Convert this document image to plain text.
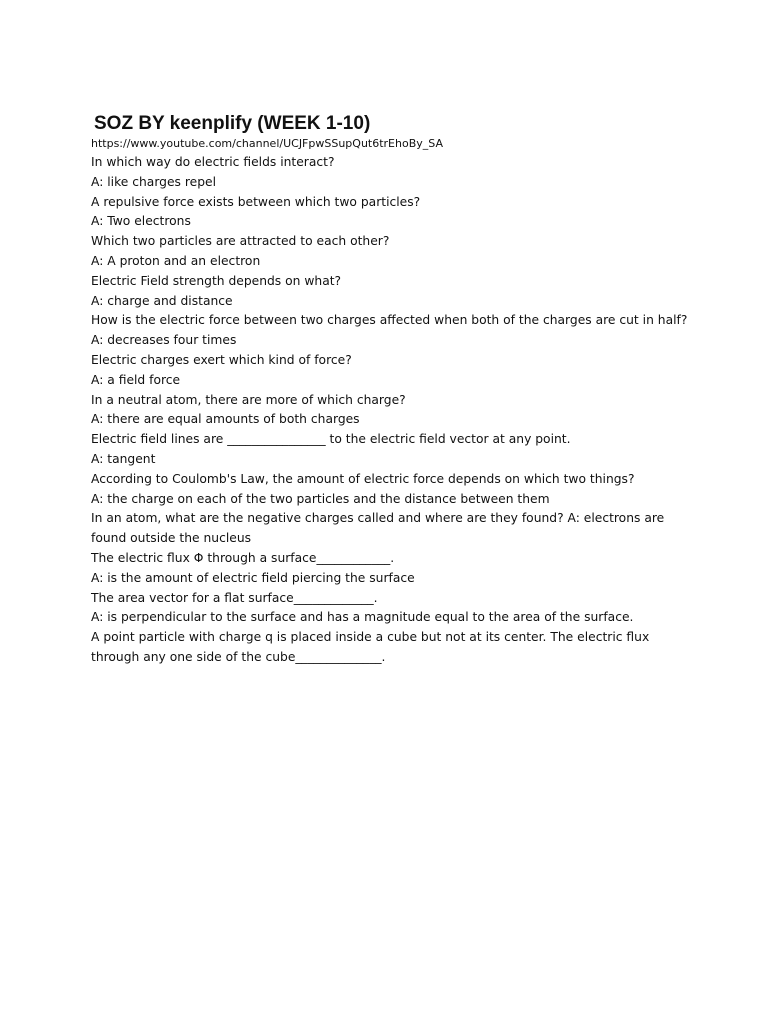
SOZ BY keenplify (WEEK 1-10)
https://www.youtube.com/channel/UCJFpwSSupQut6trEhoBy_SA
In which way do electric fields interact?
A: like charges repel
A repulsive force exists between which two particles?
A: Two electrons
Which two particles are attracted to each other?
A: A proton and an electron
Electric Field strength depends on what?
A: charge and distance
How is the electric force between two charges affected when both of the charges are cut in half?
A: decreases four times
Electric charges exert which kind of force?
A: a field force
In a neutral atom, there are more of which charge?
A: there are equal amounts of both charges
Electric field lines are ________________ to the electric field vector at any point.
A: tangent
According to Coulomb's Law, the amount of electric force depends on which two things?
A: the charge on each of the two particles and the distance between them
In an atom, what are the negative charges called and where are they found? A: electrons are found outside the nucleus
The electric flux Φ through a surface____________.
A: is the amount of electric field piercing the surface
The area vector for a flat surface_____________.
A: is perpendicular to the surface and has a magnitude equal to the area of the surface.
A point particle with charge q is placed inside a cube but not at its center. The electric flux through any one side of the cube______________.
